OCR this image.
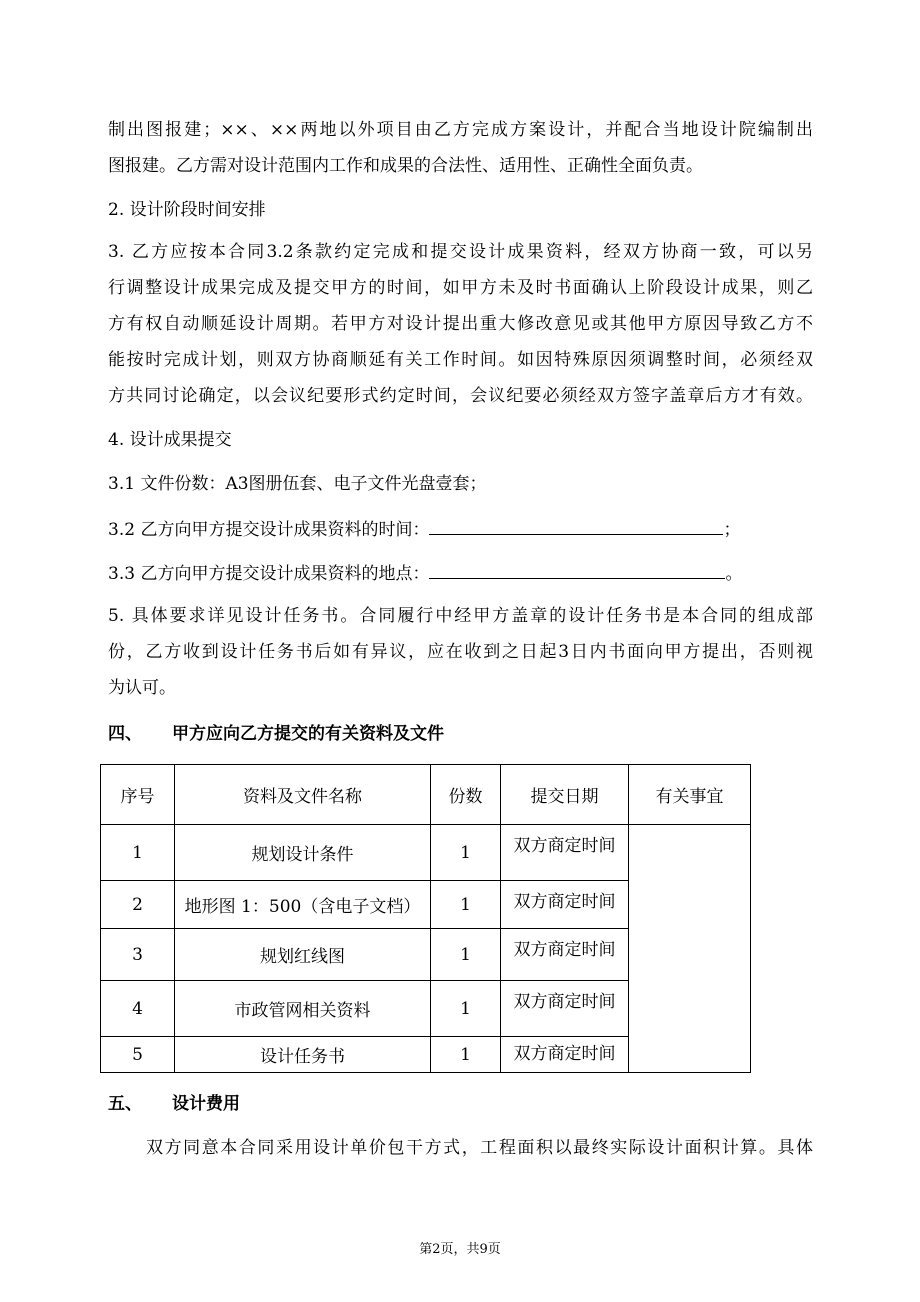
制出图报建；××、××两地以外项目由乙方完成方案设计，并配合当地设计院编制出
图报建。乙方需对设计范围内工作和成果的合法性、适用性、正确性全面负责。
2. 设计阶段时间安排
3. 乙方应按本合同3.2条款约定完成和提交设计成果资料，经双方协商一致，可以另
行调整设计成果完成及提交甲方的时间，如甲方未及时书面确认上阶段设计成果，则乙
方有权自动顺延设计周期。若甲方对设计提出重大修改意见或其他甲方原因导致乙方不
能按时完成计划，则双方协商顺延有关工作时间。如因特殊原因须调整时间，必须经双
方共同讨论确定，以会议纪要形式约定时间，会议纪要必须经双方签字盖章后方才有效。
4. 设计成果提交
3.1 文件份数：A3图册伍套、电子文件光盘壹套；
3.2 乙方向甲方提交设计成果资料的时间：	；
3.3 乙方向甲方提交设计成果资料的地点：	。
5. 具体要求详见设计任务书。合同履行中经甲方盖章的设计任务书是本合同的组成部
份，乙方收到设计任务书后如有异议，应在收到之日起3日内书面向甲方提出，否则视
为认可。
四、 甲方应向乙方提交的有关资料及文件
序号	资料及文件名称	份数	提交日期	有关事宜
1	规划设计条件	1	双方商定时间	
2	地形图 1：500（含电子文档）	1	双方商定时间	
3	规划红线图	1	双方商定时间	
4	市政管网相关资料	1	双方商定时间	
5	设计任务书	1	双方商定时间	
五、 设计费用
双方同意本合同采用设计单价包干方式，工程面积以最终实际设计面积计算。具体
第2页，共9页
